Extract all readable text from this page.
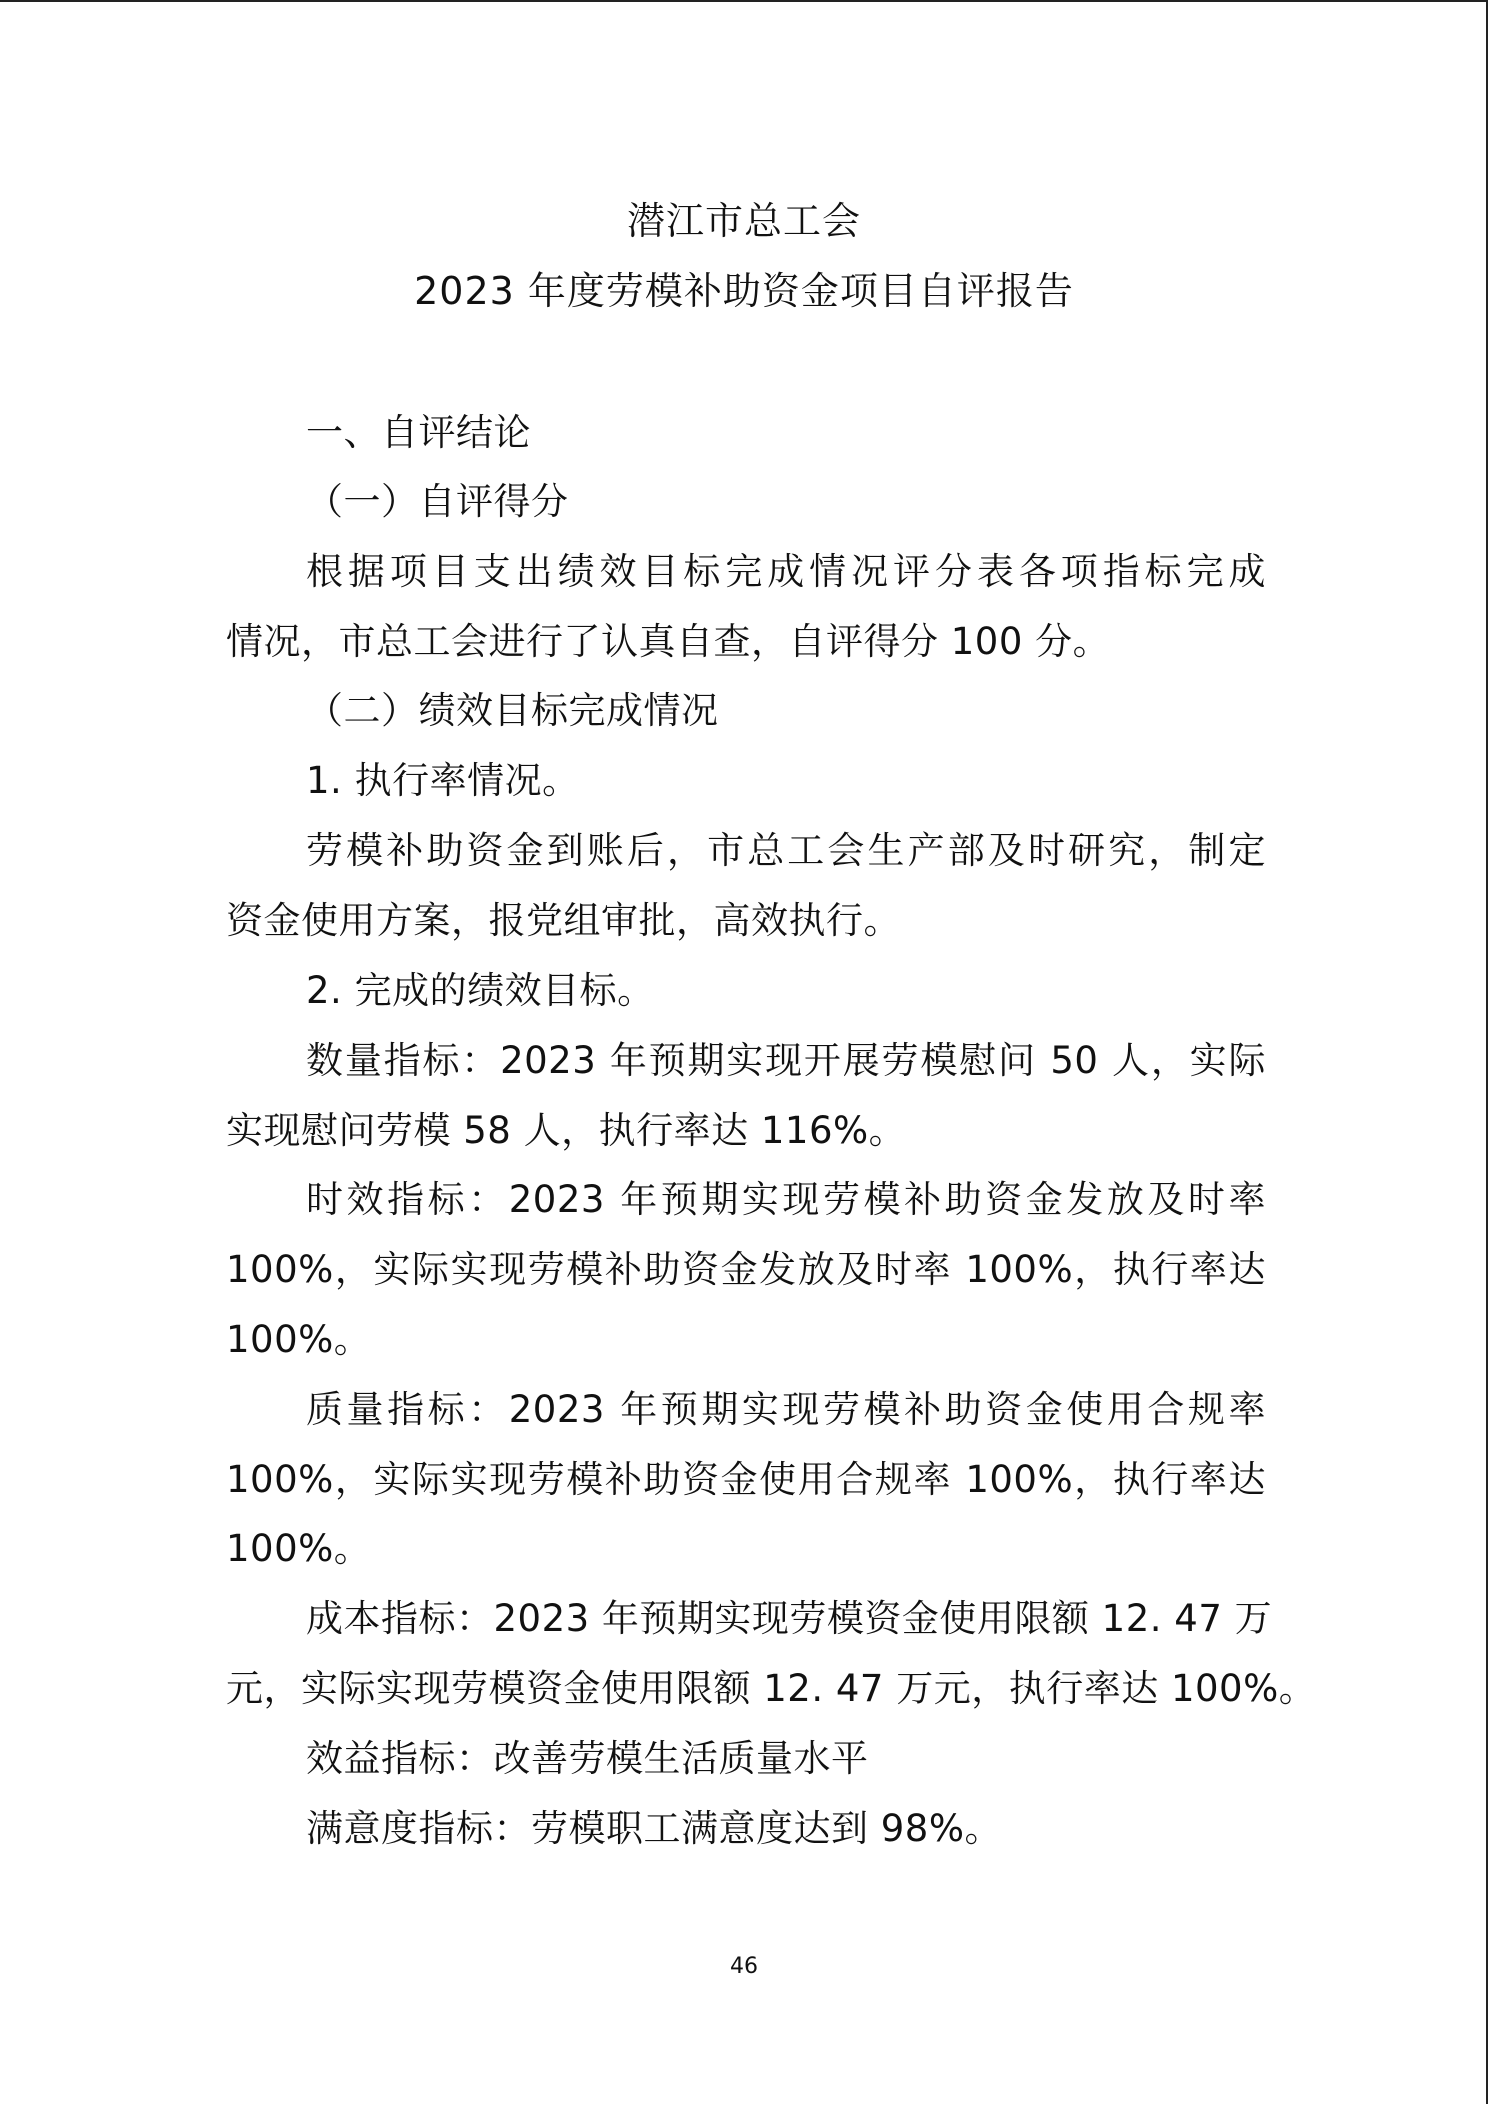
潜江市总工会
2023 年度劳模补助资金项目自评报告
一、自评结论
（一）自评得分
根据项目支出绩效目标完成情况评分表各项指标完成
情况，市总工会进行了认真自查，自评得分 100 分。
（二）绩效目标完成情况
1. 执行率情况。
劳模补助资金到账后，市总工会生产部及时研究，制定
资金使用方案，报党组审批，高效执行。
2. 完成的绩效目标。
数量指标：2023 年预期实现开展劳模慰问 50 人，实际
实现慰问劳模 58 人，执行率达 116%。
时效指标：2023 年预期实现劳模补助资金发放及时率
100%，实际实现劳模补助资金发放及时率 100%，执行率达
100%。
质量指标：2023 年预期实现劳模补助资金使用合规率
100%，实际实现劳模补助资金使用合规率 100%，执行率达
100%。
成本指标：2023 年预期实现劳模资金使用限额 12. 47 万
元，实际实现劳模资金使用限额 12. 47 万元，执行率达 100%。
效益指标：改善劳模生活质量水平
满意度指标：劳模职工满意度达到 98%。
46
